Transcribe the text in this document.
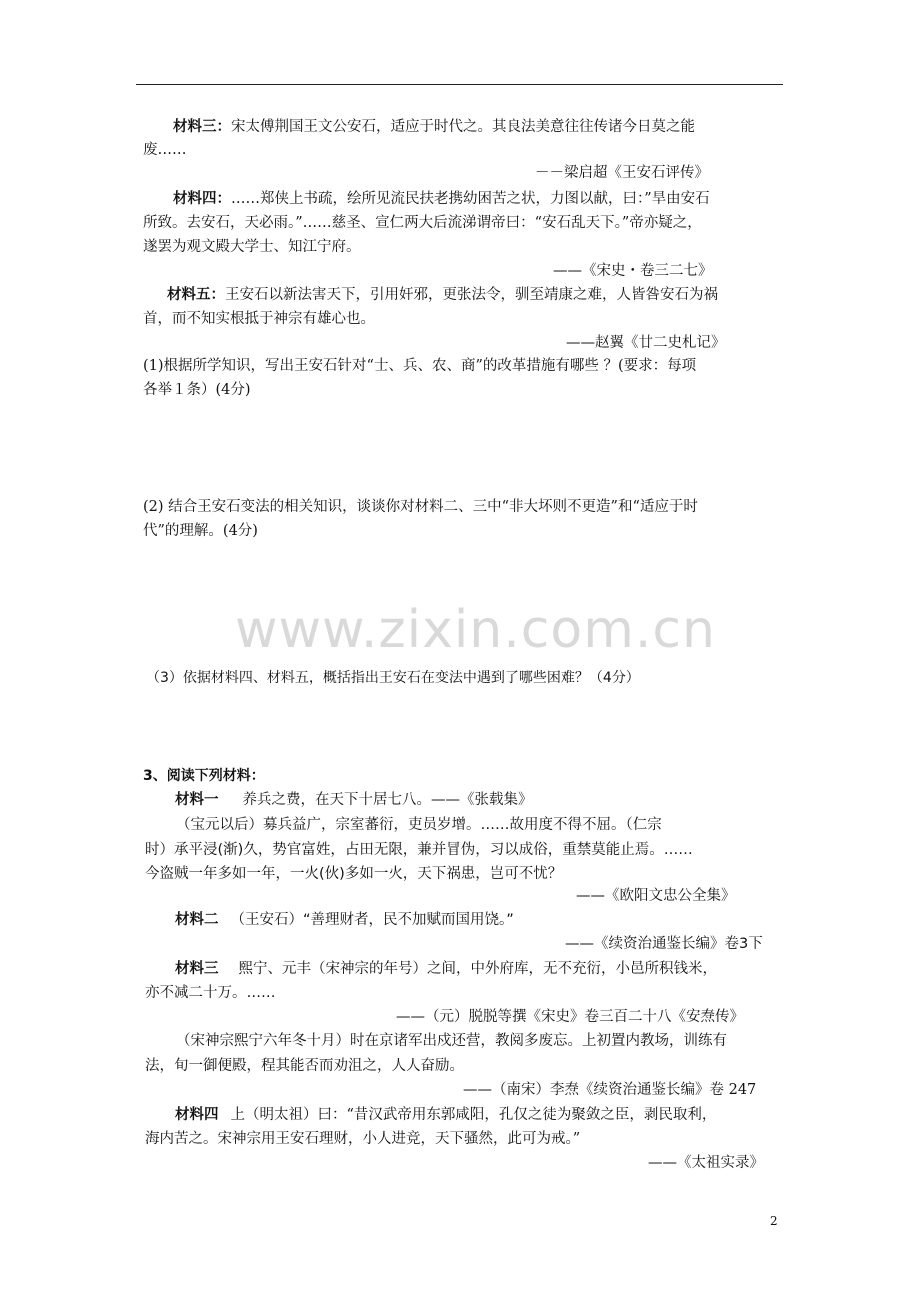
www.zixin.com.cn
材料三：宋太傅荆国王文公安石，适应于时代之。其良法美意往往传诸今日莫之能
废……
－－梁启超《王安石评传》
材料四：……郑侠上书疏，绘所见流民扶老携幼困苦之状，力图以献，曰：”旱由安石
所致。去安石，天必雨。”……慈圣、宣仁两大后流涕谓帝曰：“安石乱天下。”帝亦疑之，
遂罢为观文殿大学士、知江宁府。
——《宋史・卷三二七》
材料五：王安石以新法害天下，引用奸邪，更张法令，驯至靖康之难，人皆咎安石为祸
首，而不知实根抵于神宗有雄心也。
——赵翼《廿二史札记》
(1)根据所学知识，写出王安石针对“士、兵、农、商”的改革措施有哪些 ？(要求：每项
各举１条）(4分)
(2) 结合王安石变法的相关知识，谈谈你对材料二、三中“非大坏则不更造”和“适应于时
代”的理解。(4分)
（3）依据材料四、材料五，概括指出王安石在变法中遇到了哪些困难？（4分）
3、阅读下列材料：
材料一 养兵之费，在天下十居七八。——《张载集》
（宝元以后）募兵益广，宗室蕃衍，吏员岁增。……故用度不得不屈。（仁宗
时）承平浸(渐)久，势官富姓，占田无限，兼并冒伪，习以成俗，重禁莫能止焉。……
今盗贼一年多如一年，一火(伙)多如一火，天下祸患，岂可不忧？
——《欧阳文忠公全集》
材料二 （王安石）“善理财者，民不加赋而国用饶。”
——《续资治通鉴长编》卷3下
材料三 熙宁、元丰（宋神宗的年号）之间，中外府库，无不充衍，小邑所积钱米，
亦不减二十万。……
——（元）脱脱等撰《宋史》卷三百二十八《安焘传》
（宋神宗熙宁六年冬十月）时在京诸军出戍还营，教阅多废忘。上初置内教场，训练有
法，旬一御便殿，程其能否而劝沮之，人人奋励。
——（南宋）李焘《续资治通鉴长编》卷 247
材料四 上（明太祖）曰：“昔汉武帝用东郭咸阳，孔仅之徒为聚敛之臣，剥民取利，
海内苦之。宋神宗用王安石理财，小人进竞，天下骚然，此可为戒。”
——《太祖实录》
2
